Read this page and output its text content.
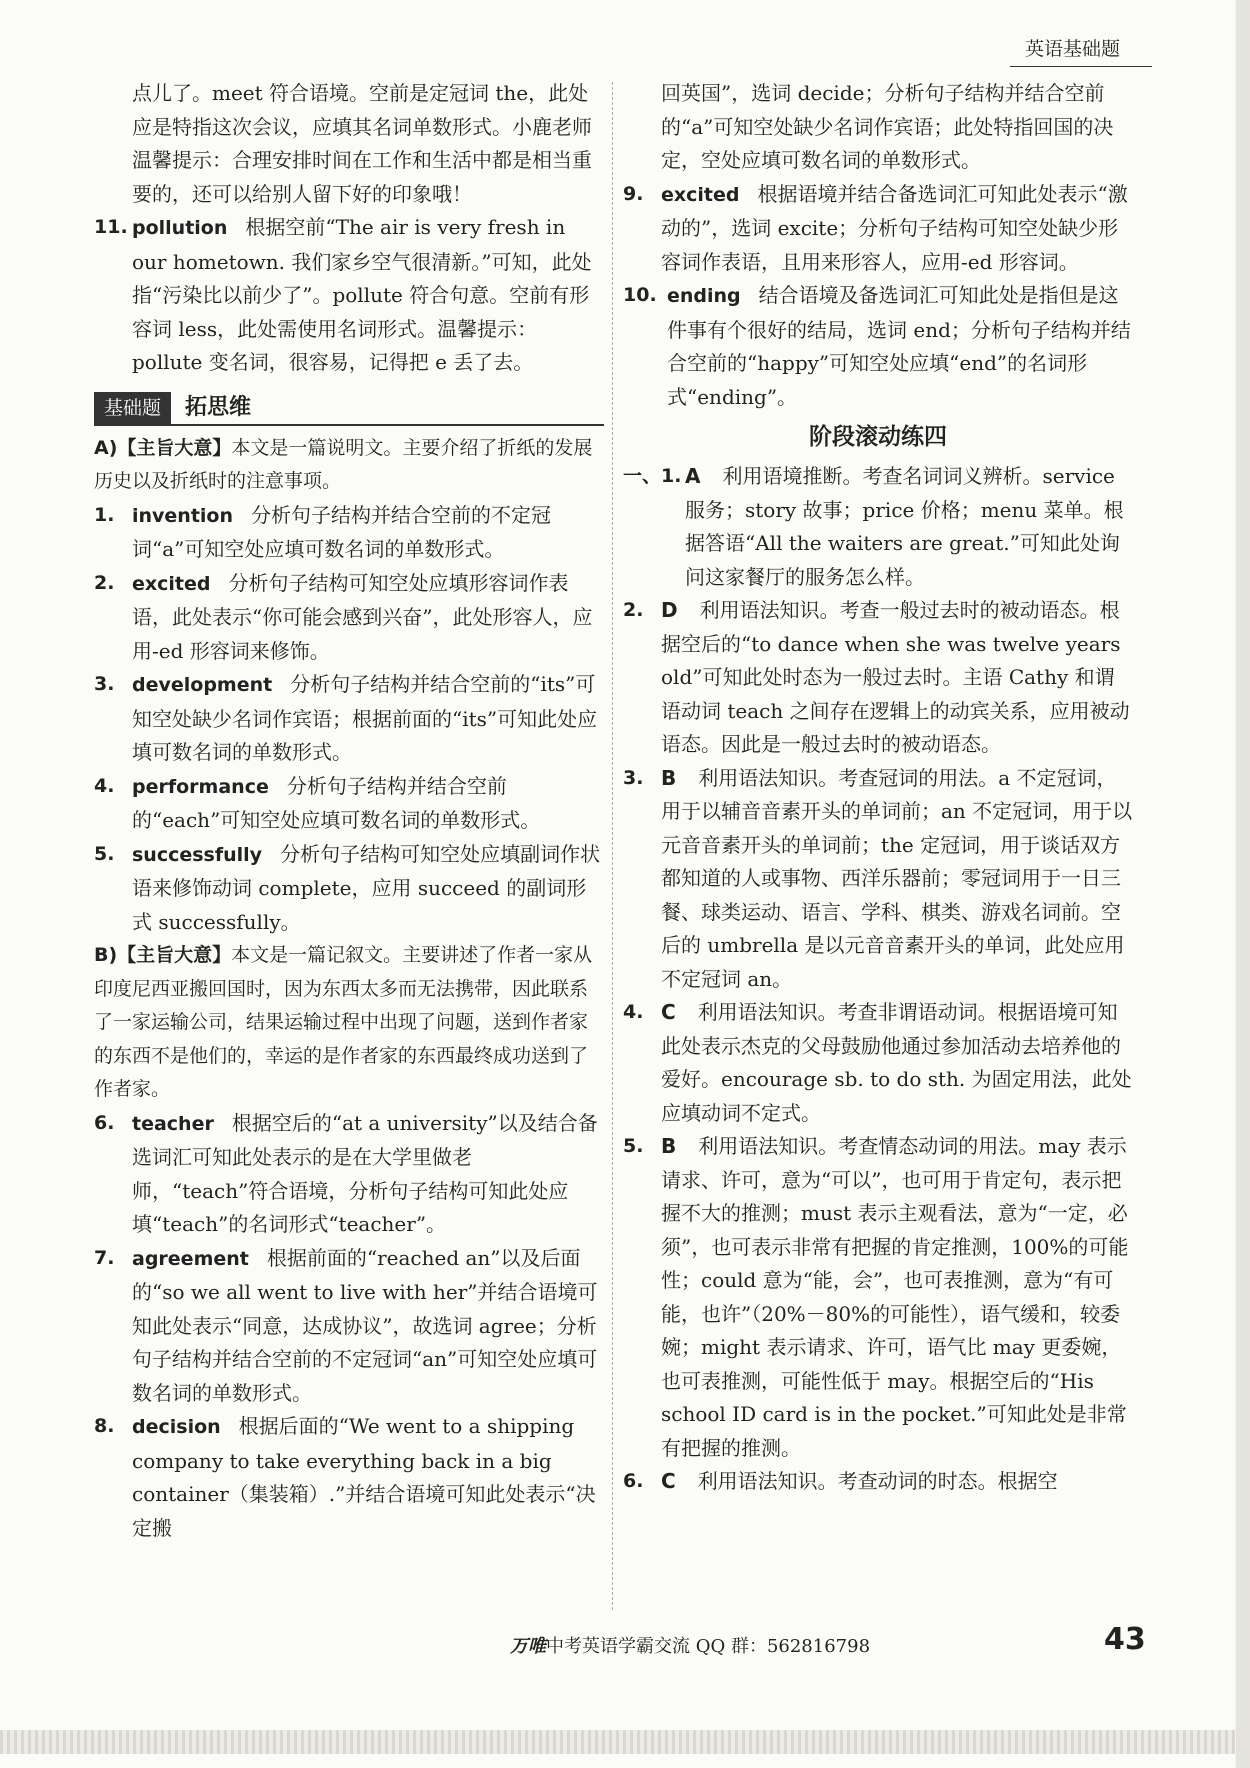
英语基础题

点儿了。meet 符合语境。空前是定冠词 the，此处应是特指这次会议，应填其名词单数形式。小鹿老师温馨提示：合理安排时间在工作和生活中都是相当重要的，还可以给别人留下好的印象哦！

11. pollution 根据空前“The air is very fresh in our hometown. 我们家乡空气很清新。”可知，此处指“污染比以前少了”。pollute 符合句意。空前有形容词 less，此处需使用名词形式。温馨提示：pollute 变名词，很容易，记得把 e 丢了去。
基础题	拓思维

A)【主旨大意】本文是一篇说明文。主要介绍了折纸的发展历史以及折纸时的注意事项。

1. invention 分析句子结构并结合空前的不定冠词“a”可知空处应填可数名词的单数形式。
2. excited 分析句子结构可知空处应填形容词作表语，此处表示“你可能会感到兴奋”，此处形容人，应用-ed 形容词来修饰。
3. development 分析句子结构并结合空前的“its”可知空处缺少名词作宾语；根据前面的“its”可知此处应填可数名词的单数形式。
4. performance 分析句子结构并结合空前的“each”可知空处应填可数名词的单数形式。
5. successfully 分析句子结构可知空处应填副词作状语来修饰动词 complete，应用 succeed 的副词形式 successfully。

B)【主旨大意】本文是一篇记叙文。主要讲述了作者一家从印度尼西亚搬回国时，因为东西太多而无法携带，因此联系了一家运输公司，结果运输过程中出现了问题，送到作者家的东西不是他们的，幸运的是作者家的东西最终成功送到了作者家。

6. teacher 根据空后的“at a university”以及结合备选词汇可知此处表示的是在大学里做老师，“teach”符合语境，分析句子结构可知此处应填“teach”的名词形式“teacher”。
7. agreement 根据前面的“reached an”以及后面的“so we all went to live with her”并结合语境可知此处表示“同意，达成协议”，故选词 agree；分析句子结构并结合空前的不定冠词“an”可知空处应填可数名词的单数形式。
8. decision 根据后面的“We went to a shipping company to take everything back in a big container（集装箱）.”并结合语境可知此处表示“决定搬

回英国”，选词 decide；分析句子结构并结合空前的“a”可知空处缺少名词作宾语；此处特指回国的决定，空处应填可数名词的单数形式。

9. excited 根据语境并结合备选词汇可知此处表示“激动的”，选词 excite；分析句子结构可知空处缺少形容词作表语，且用来形容人，应用-ed 形容词。
10. ending 结合语境及备选词汇可知此处是指但是这件事有个很好的结局，选词 end；分析句子结构并结合空前的“happy”可知空处应填“end”的名词形式“ending”。
阶段滚动练四
一、1. A 利用语境推断。考查名词词义辨析。service 服务；story 故事；price 价格；menu 菜单。根据答语“All the waiters are great.”可知此处询问这家餐厅的服务怎么样。
2. D 利用语法知识。考查一般过去时的被动语态。根据空后的“to dance when she was twelve years old”可知此处时态为一般过去时。主语 Cathy 和谓语动词 teach 之间存在逻辑上的动宾关系，应用被动语态。因此是一般过去时的被动语态。
3. B 利用语法知识。考查冠词的用法。a 不定冠词，用于以辅音音素开头的单词前；an 不定冠词，用于以元音音素开头的单词前；the 定冠词，用于谈话双方都知道的人或事物、西洋乐器前；零冠词用于一日三餐、球类运动、语言、学科、棋类、游戏名词前。空后的 umbrella 是以元音音素开头的单词，此处应用不定冠词 an。
4. C 利用语法知识。考查非谓语动词。根据语境可知此处表示杰克的父母鼓励他通过参加活动去培养他的爱好。encourage sb. to do sth. 为固定用法，此处应填动词不定式。
5. B 利用语法知识。考查情态动词的用法。may 表示请求、许可，意为“可以”，也可用于肯定句，表示把握不大的推测；must 表示主观看法，意为“一定，必须”，也可表示非常有把握的肯定推测，100%的可能性；could 意为“能，会”，也可表推测，意为“有可能，也许”（20%－80%的可能性），语气缓和，较委婉；might 表示请求、许可，语气比 may 更委婉，也可表推测，可能性低于 may。根据空后的“His school ID card is in the pocket.”可知此处是非常有把握的推测。
6. C 利用语法知识。考查动词的时态。根据空
万唯中考英语学霸交流 QQ 群：562816798	43
